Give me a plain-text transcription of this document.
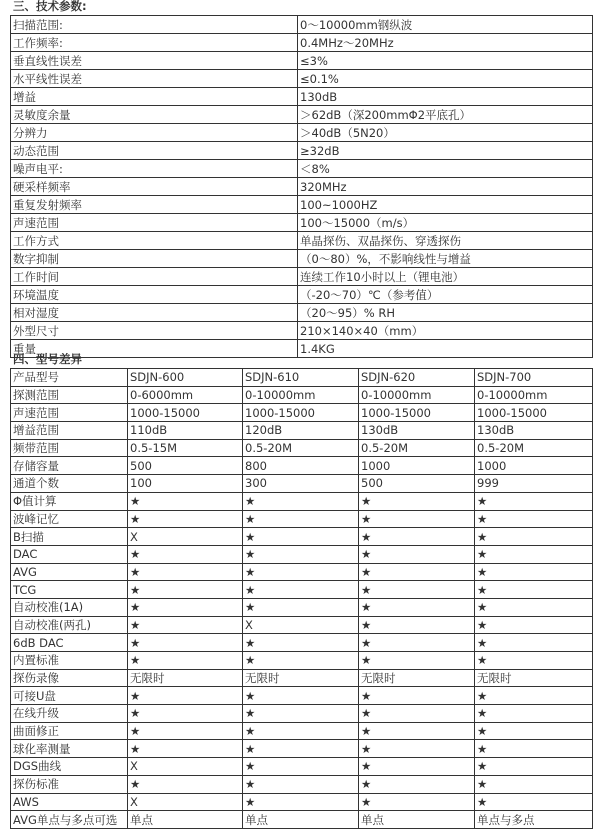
三、技术参数:
扫描范围:	0～10000mm钢纵波
工作频率:	0.4MHz～20MHz
垂直线性误差	≤3%
水平线性误差	≤0.1%
增益	130dB
灵敏度余量	＞62dB（深200mmΦ2平底孔）
分辨力	＞40dB（5N20）
动态范围	≥32dB
噪声电平:	＜8%
硬采样频率	320MHz
重复发射频率	100~1000HZ
声速范围	100～15000（m/s）
工作方式	单晶探伤、双晶探伤、穿透探伤
数字抑制	（0～80）%，不影响线性与增益
工作时间	连续工作10小时以上（锂电池）
环境温度	（-20～70）℃（参考值）
相对湿度	（20～95）% RH
外型尺寸	210×140×40（mm）
重量	1.4KG
四、型号差异
产品型号	SDJN-600	SDJN-610	SDJN-620	SDJN-700
探测范围	0-6000mm	0-10000mm	0-10000mm	0-10000mm
声速范围	1000-15000	1000-15000	1000-15000	1000-15000
增益范围	110dB	120dB	130dB	130dB
频带范围	0.5-15M	0.5-20M	0.5-20M	0.5-20M
存储容量	500	800	1000	1000
通道个数	100	300	500	999
Φ值计算	★	★	★	★
波峰记忆	★	★	★	★
B扫描	X	★	★	★
DAC	★	★	★	★
AVG	★	★	★	★
TCG	★	★	★	★
自动校准(1A)	★	★	★	★
自动校准(两孔)	★	X	★	★
6dB DAC	★	★	★	★
内置标准	★	★	★	★
探伤录像	无限时	无限时	无限时	无限时
可接U盘	★	★	★	★
在线升级	★	★	★	★
曲面修正	★	★	★	★
球化率测量	★	★	★	★
DGS曲线	X	★	★	★
探伤标准	★	★	★	★
AWS	X	★	★	★
AVG单点与多点可选	单点	单点	单点	单点与多点
